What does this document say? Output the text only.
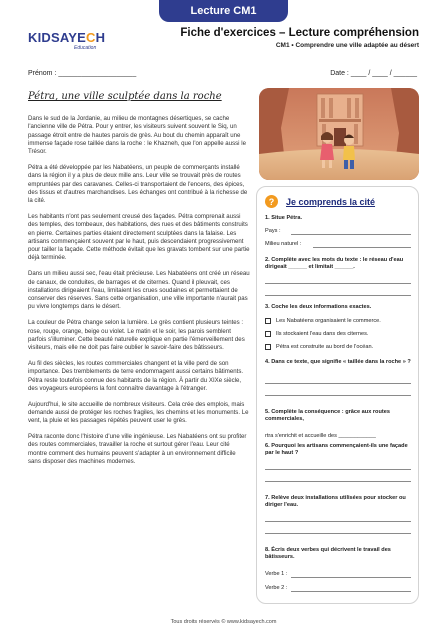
Lecture CM1
KIDSAYECH
Education
Fiche d'exercices – Lecture compréhension
CM1 • Comprendre une ville adaptée au désert
Prénom : ____________________	Date : ____ / ____ / ______
Pétra, une ville sculptée dans la roche

Dans le sud de la Jordanie, au milieu de montagnes désertiques, se cache l'ancienne ville de Pétra. Pour y entrer, les visiteurs suivent souvent le Siq, un passage étroit entre de hautes parois de grès. Au bout du chemin apparaît une immense façade rose taillée dans la roche : le Khazneh, que l'on appelle aussi le Trésor.

Pétra a été développée par les Nabatéens, un peuple de commerçants installé dans la région il y a plus de deux mille ans. Leur ville se trouvait près de routes empruntées par des caravanes. Celles-ci transportaient de l'encens, des épices, des tissus et d'autres marchandises. Les échanges ont contribué à la richesse de la cité.

Les habitants n'ont pas seulement creusé des façades. Pétra comprenait aussi des temples, des tombeaux, des habitations, des rues et des bâtiments construits en pierre. Certaines parties étaient directement sculptées dans la falaise. Les artisans commençaient souvent par le haut, puis descendaient progressivement pour tailler la façade. Cette méthode évitait que les gravats tombent sur une partie déjà terminée.

Dans un milieu aussi sec, l'eau était précieuse. Les Nabatéens ont créé un réseau de canaux, de conduites, de barrages et de citernes. Quand il pleuvait, ces installations dirigeaient l'eau, limitaient les crues soudaines et permettaient de conserver des réserves. Sans cette organisation, une ville importante n'aurait pas pu vivre longtemps dans le désert.

La couleur de Pétra change selon la lumière. Le grès contient plusieurs teintes : rose, rouge, orange, beige ou violet. Le matin et le soir, les parois semblent parfois s'illuminer. Cette beauté naturelle explique en partie l'émerveillement des visiteurs, mais elle ne doit pas faire oublier le savoir-faire des bâtisseurs.

Au fil des siècles, les routes commerciales changent et la ville perd de son importance. Des tremblements de terre endommagent aussi certains bâtiments. Pétra reste toutefois connue des habitants de la région. À partir du XIXe siècle, des voyageurs européens la font connaître davantage à l'étranger.

Aujourd'hui, le site accueille de nombreux visiteurs. Cela crée des emplois, mais demande aussi de protéger les roches fragiles, les chemins et les monuments. Le vent, la pluie et les passages répétés peuvent user le grès.

Pétra raconte donc l'histoire d'une ville ingénieuse. Les Nabatéens ont su profiter des routes commerciales, travailler la roche et surtout gérer l'eau. Leur cité montre comment des humains peuvent s'adapter à un environnement difficile sans disposer des machines modernes.

?	Je comprends la cité
1. Situe Pétra.
Pays :
Milieu naturel :
2. Complète avec les mots du texte : le réseau d'eau dirigeait ______ et limitait ______.
3. Coche les deux informations exactes.
Les Nabatéens organisaient le commerce.
Ils stockaient l'eau dans des citernes.
Pétra est construite au bord de l'océan.
4. Dans ce texte, que signifie « taillée dans la roche » ?
5. Complète la conséquence : grâce aux routes commerciales,
rtra s'enrichit et accueille des ____________
6. Pourquoi les artisans commençaient-ils une façade par le haut ?
7. Relève deux installations utilisées pour stocker ou diriger l'eau.
8. Écris deux verbes qui décrivent le travail des bâtisseurs.
Verbe 1 :
Verbe 2 :
Tous droits réservés © www.kidsayech.com
